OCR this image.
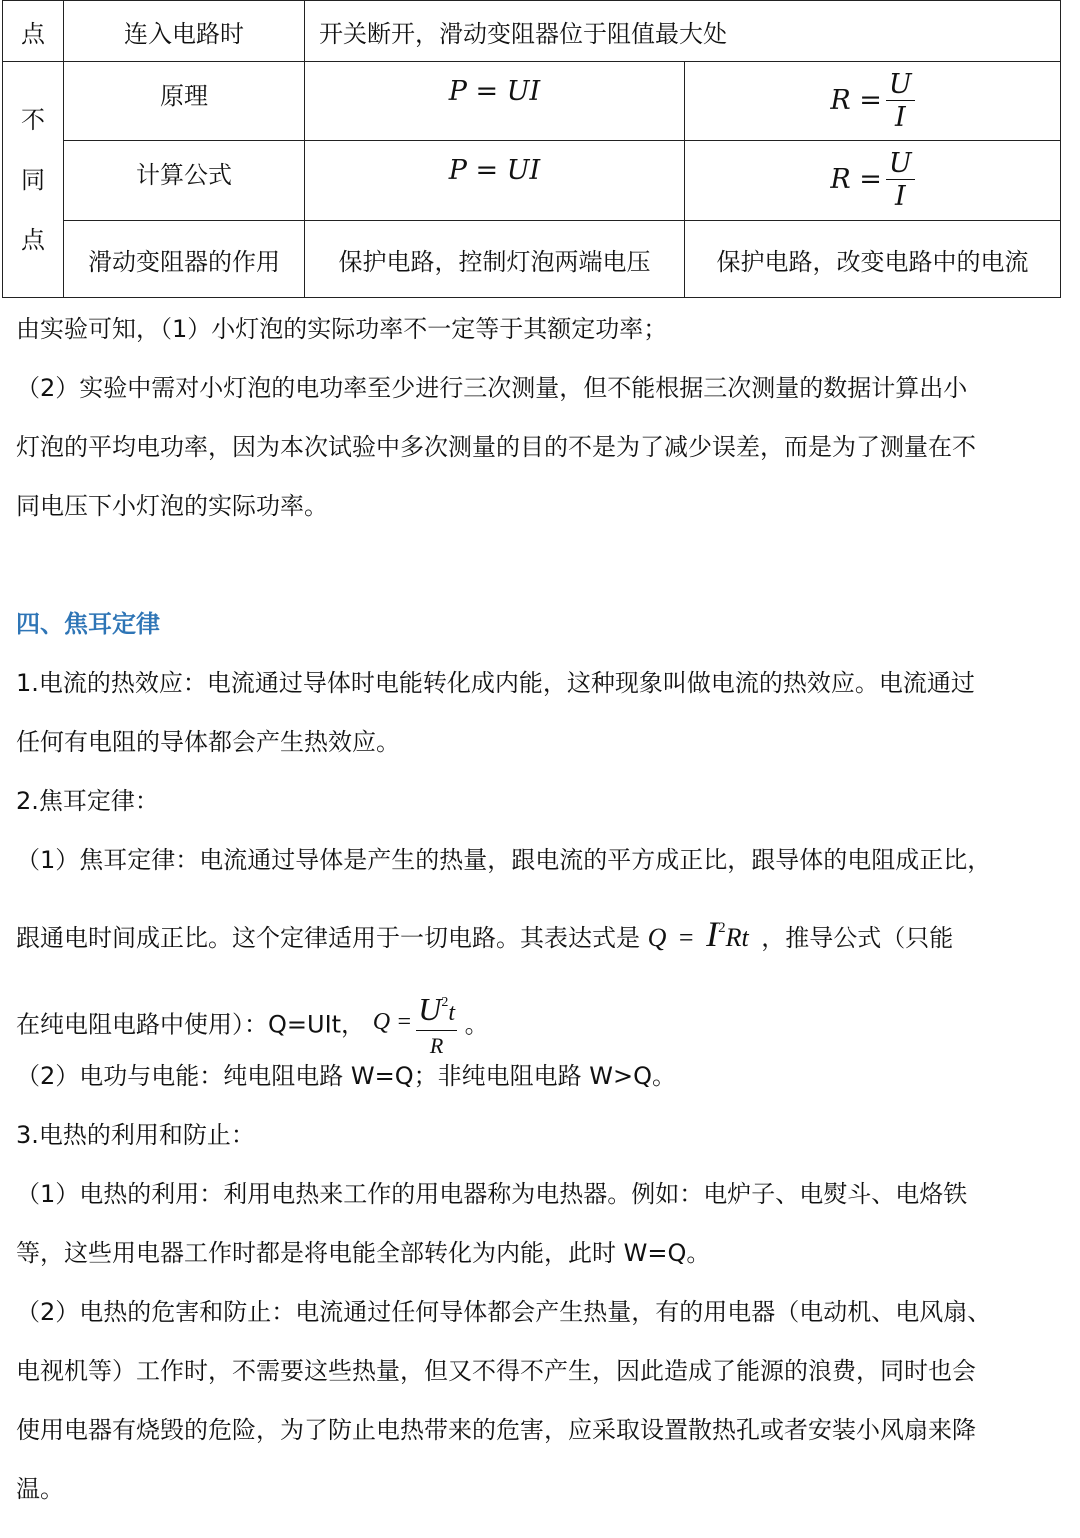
点	连入电路时	开关断开，滑动变阻器位于阻值最大处	

不
同
点	原理	P = UI	$R = \frac{U}{I}$

	计算公式	P = UI	$R = \frac{U}{I}$

	滑动变阻器的作用	保护电路，控制灯泡两端电压	保护电路，改变电路中的电流
由实验可知，（1）小灯泡的实际功率不一定等于其额定功率；
（2）实验中需对小灯泡的电功率至少进行三次测量，但不能根据三次测量的数据计算出小
灯泡的平均电功率，因为本次试验中多次测量的目的不是为了减少误差，而是为了测量在不
同电压下小灯泡的实际功率。
四、焦耳定律
1.电流的热效应：电流通过导体时电能转化成内能，这种现象叫做电流的热效应。电流通过
任何有电阻的导体都会产生热效应。
2.焦耳定律：
（1）焦耳定律：电流通过导体是产生的热量，跟电流的平方成正比，跟导体的电阻成正比，
跟通电时间成正比。这个定律适用于一切电路。其表达式是 $Q = I^2Rt$ ，推导公式（只能
在纯电阻电路中使用）：Q=UIt， $Q = \frac{U^2t}{R}$ 。
（2）电功与电能：纯电阻电路 W=Q；非纯电阻电路 W>Q。
3.电热的利用和防止：
（1）电热的利用：利用电热来工作的用电器称为电热器。例如：电炉子、电熨斗、电烙铁
等，这些用电器工作时都是将电能全部转化为内能，此时 W=Q。
（2）电热的危害和防止：电流通过任何导体都会产生热量，有的用电器（电动机、电风扇、
电视机等）工作时，不需要这些热量，但又不得不产生，因此造成了能源的浪费，同时也会
使用电器有烧毁的危险，为了防止电热带来的危害，应采取设置散热孔或者安装小风扇来降
温。
